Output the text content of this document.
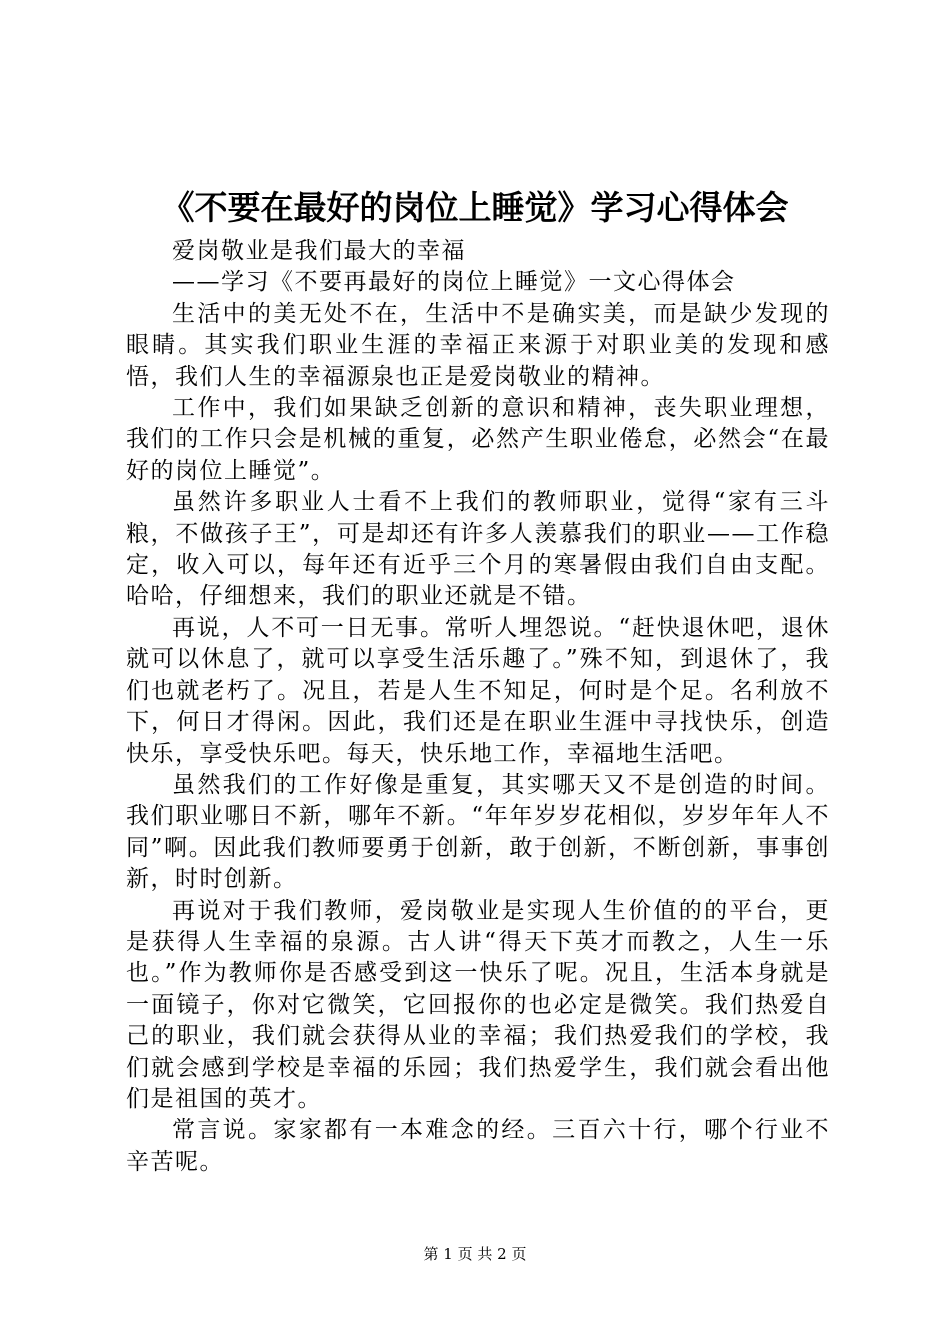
《不要在最好的岗位上睡觉》学习心得体会

爱岗敬业是我们最大的幸福

——学习《不要再最好的岗位上睡觉》一文心得体会

生活中的美无处不在，生活中不是确实美，而是缺少发现的眼睛。其实我们职业生涯的幸福正来源于对职业美的发现和感悟，我们人生的幸福源泉也正是爱岗敬业的精神。

工作中，我们如果缺乏创新的意识和精神，丧失职业理想，我们的工作只会是机械的重复，必然产生职业倦怠，必然会“在最好的岗位上睡觉”。

虽然许多职业人士看不上我们的教师职业，觉得“家有三斗粮，不做孩子王”，可是却还有许多人羡慕我们的职业——工作稳定，收入可以，每年还有近乎三个月的寒暑假由我们自由支配。哈哈，仔细想来，我们的职业还就是不错。

再说，人不可一日无事。常听人埋怨说。“赶快退休吧，退休就可以休息了，就可以享受生活乐趣了。”殊不知，到退休了，我们也就老朽了。况且，若是人生不知足，何时是个足。名利放不下，何日才得闲。因此，我们还是在职业生涯中寻找快乐，创造快乐，享受快乐吧。每天，快乐地工作，幸福地生活吧。

虽然我们的工作好像是重复，其实哪天又不是创造的时间。我们职业哪日不新，哪年不新。“年年岁岁花相似，岁岁年年人不同”啊。因此我们教师要勇于创新，敢于创新，不断创新，事事创新，时时创新。

再说对于我们教师，爱岗敬业是实现人生价值的的平台，更是获得人生幸福的泉源。古人讲“得天下英才而教之，人生一乐也。”作为教师你是否感受到这一快乐了呢。况且，生活本身就是一面镜子，你对它微笑，它回报你的也必定是微笑。我们热爱自己的职业，我们就会获得从业的幸福；我们热爱我们的学校，我们就会感到学校是幸福的乐园；我们热爱学生，我们就会看出他们是祖国的英才。

常言说。家家都有一本难念的经。三百六十行，哪个行业不辛苦呢。

第 1 页 共 2 页
